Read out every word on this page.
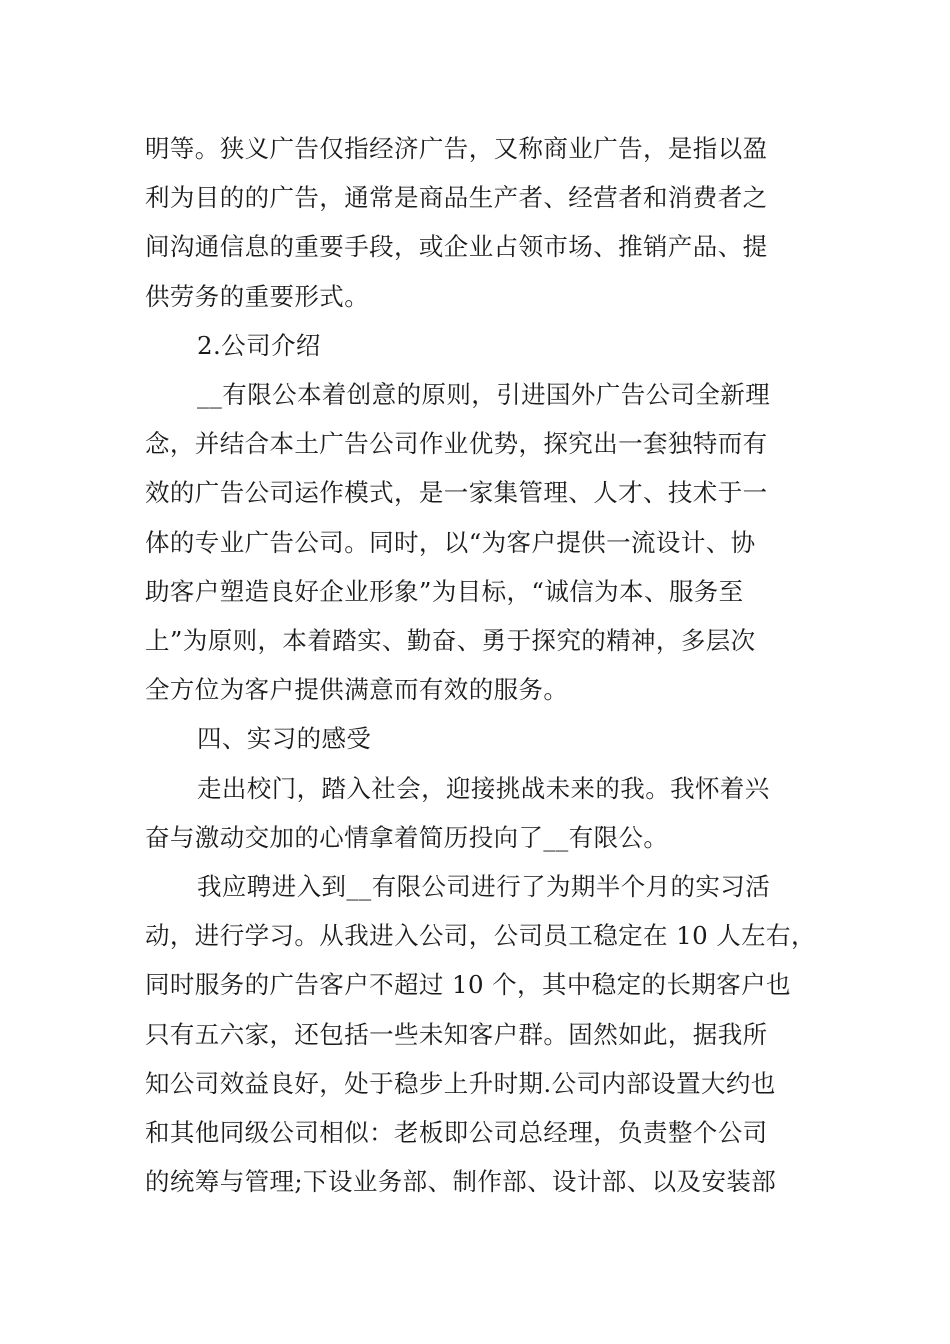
明等。狭义广告仅指经济广告，又称商业广告，是指以盈
利为目的的广告，通常是商品生产者、经营者和消费者之
间沟通信息的重要手段，或企业占领市场、推销产品、提
供劳务的重要形式。

2.公司介绍

__有限公本着创意的原则，引进国外广告公司全新理
念，并结合本土广告公司作业优势，探究出一套独特而有
效的广告公司运作模式，是一家集管理、人才、技术于一
体的专业广告公司。同时，以“为客户提供一流设计、协
助客户塑造良好企业形象”为目标，“诚信为本、服务至
上”为原则，本着踏实、勤奋、勇于探究的精神，多层次
全方位为客户提供满意而有效的服务。

四、实习的感受

走出校门，踏入社会，迎接挑战未来的我。我怀着兴
奋与激动交加的心情拿着简历投向了__有限公。

我应聘进入到__有限公司进行了为期半个月的实习活
动，进行学习。从我进入公司，公司员工稳定在 10 人左右，
同时服务的广告客户不超过 10 个，其中稳定的长期客户也
只有五六家，还包括一些未知客户群。固然如此，据我所
知公司效益良好，处于稳步上升时期.公司内部设置大约也
和其他同级公司相似：老板即公司总经理，负责整个公司
的统筹与管理;下设业务部、制作部、设计部、以及安装部
